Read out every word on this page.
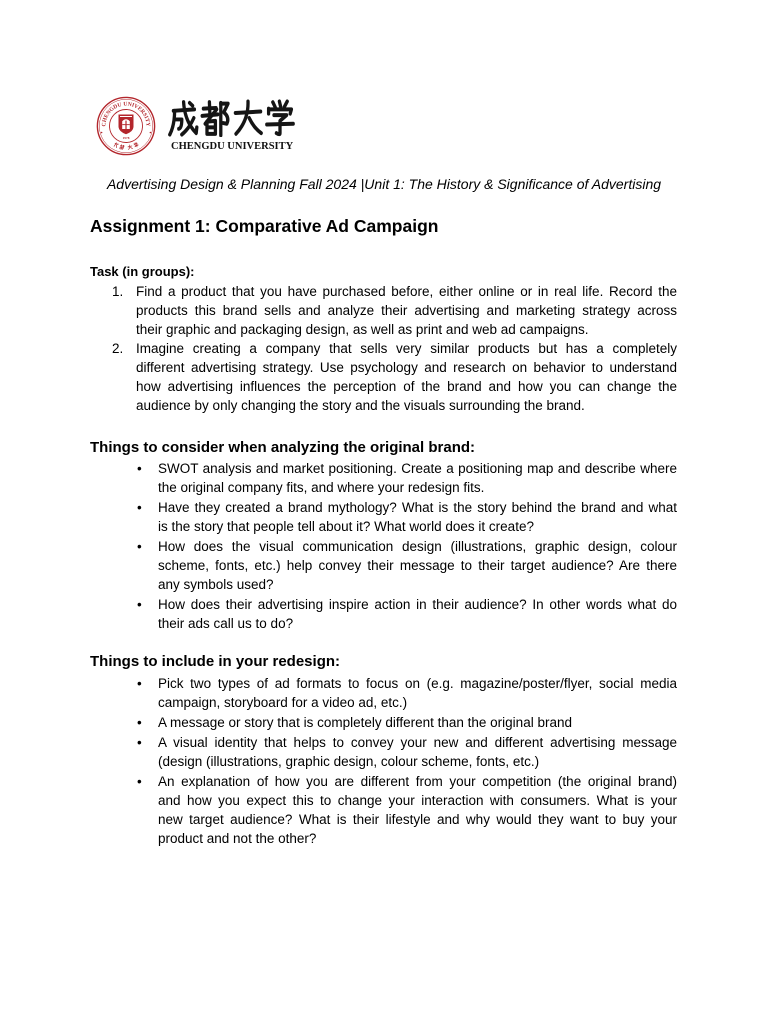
CHENGDU UNIVERSITY
1978
CHENGDU UNIVERSITY
Advertising Design & Planning Fall 2024 |Unit 1: The History & Significance of Advertising
Assignment 1: Comparative Ad Campaign
Task (in groups):
1. Find a product that you have purchased before, either online or in real life. Record the
products this brand sells and analyze their advertising and marketing strategy across
their graphic and packaging design, as well as print and web ad campaigns.
2. Imagine creating a company that sells very similar products but has a completely
different advertising strategy. Use psychology and research on behavior to understand
how advertising influences the perception of the brand and how you can change the
audience by only changing the story and the visuals surrounding the brand.
Things to consider when analyzing the original brand:
• SWOT analysis and market positioning. Create a positioning map and describe where
the original company fits, and where your redesign fits.
• Have they created a brand mythology? What is the story behind the brand and what
is the story that people tell about it? What world does it create?
• How does the visual communication design (illustrations, graphic design, colour
scheme, fonts, etc.) help convey their message to their target audience? Are there
any symbols used?
• How does their advertising inspire action in their audience? In other words what do
their ads call us to do?
Things to include in your redesign:
• Pick two types of ad formats to focus on (e.g. magazine/poster/flyer, social media
campaign, storyboard for a video ad, etc.)
• A message or story that is completely different than the original brand
• A visual identity that helps to convey your new and different advertising message
(design (illustrations, graphic design, colour scheme, fonts, etc.)
• An explanation of how you are different from your competition (the original brand)
and how you expect this to change your interaction with consumers. What is your
new target audience? What is their lifestyle and why would they want to buy your
product and not the other?
